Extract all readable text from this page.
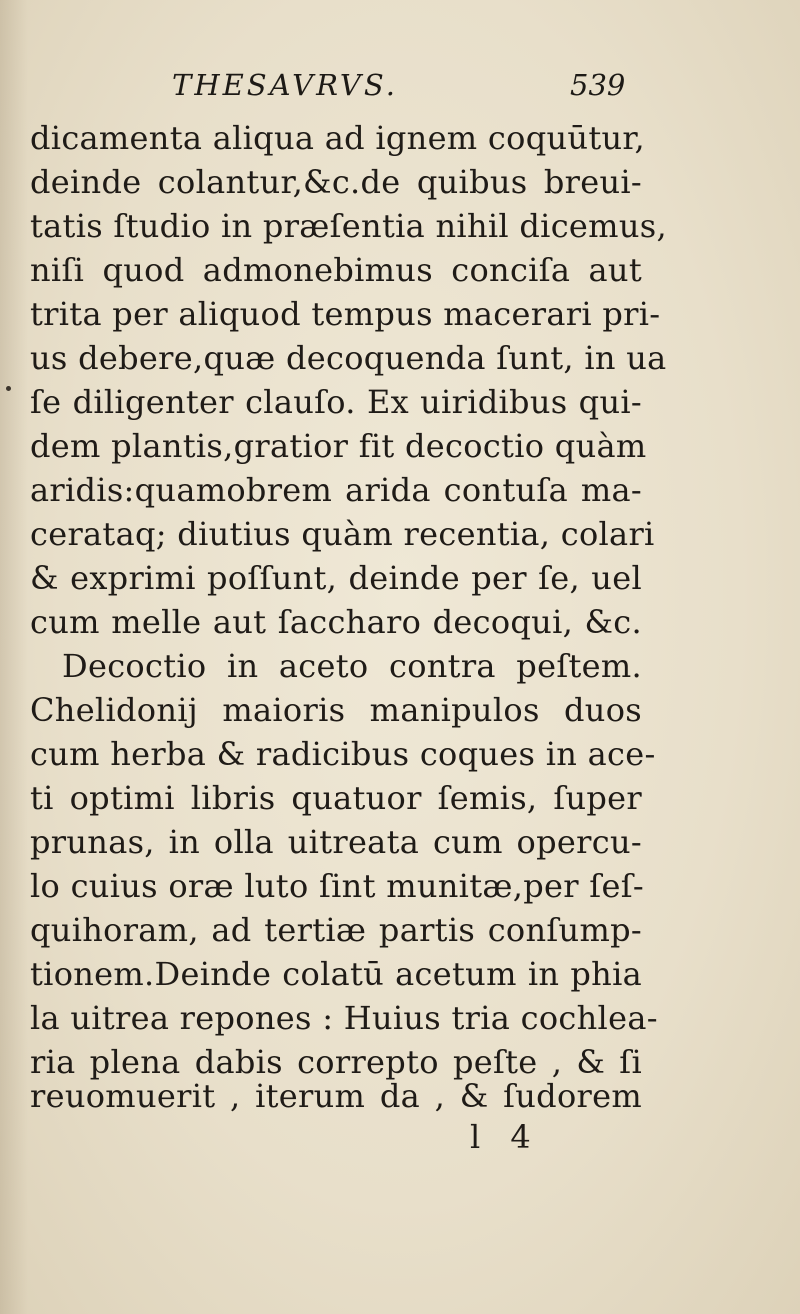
THESAVRVS.	539
dicamenta aliqua ad ignem coquūtur,
deinde colantur,&c.de quibus breui-
tatis ſtudio in præſentia nihil dicemus,
niſi quod admonebimus conciſa aut
trita per aliquod tempus macerari pri-
us debere,quæ decoquenda ſunt, in ua
ſe diligenter clauſo. Ex uiridibus qui-
dem plantis,gratior fit decoctio quàm
aridis:quamobrem arida contuſa ma-
cerataq; diutius quàm recentia, colari
& exprimi poſſunt, deinde per ſe, uel
cum melle aut ſaccharo decoqui, &c.
Decoctio in aceto contra peſtem.
Chelidonij maioris manipulos duos
cum herba & radicibus coques in ace-
ti optimi libris quatuor ſemis, ſuper
prunas, in olla uitreata cum opercu-
lo cuius oræ luto ſint munitæ,per ſeſ-
quihoram, ad tertiæ partis conſump-
tionem.Deinde colatū acetum in phia
la uitrea repones : Huius tria cochlea-
ria plena dabis correpto peſte , & ſi
reuomuerit , iterum da , & ſudorem
l 4
